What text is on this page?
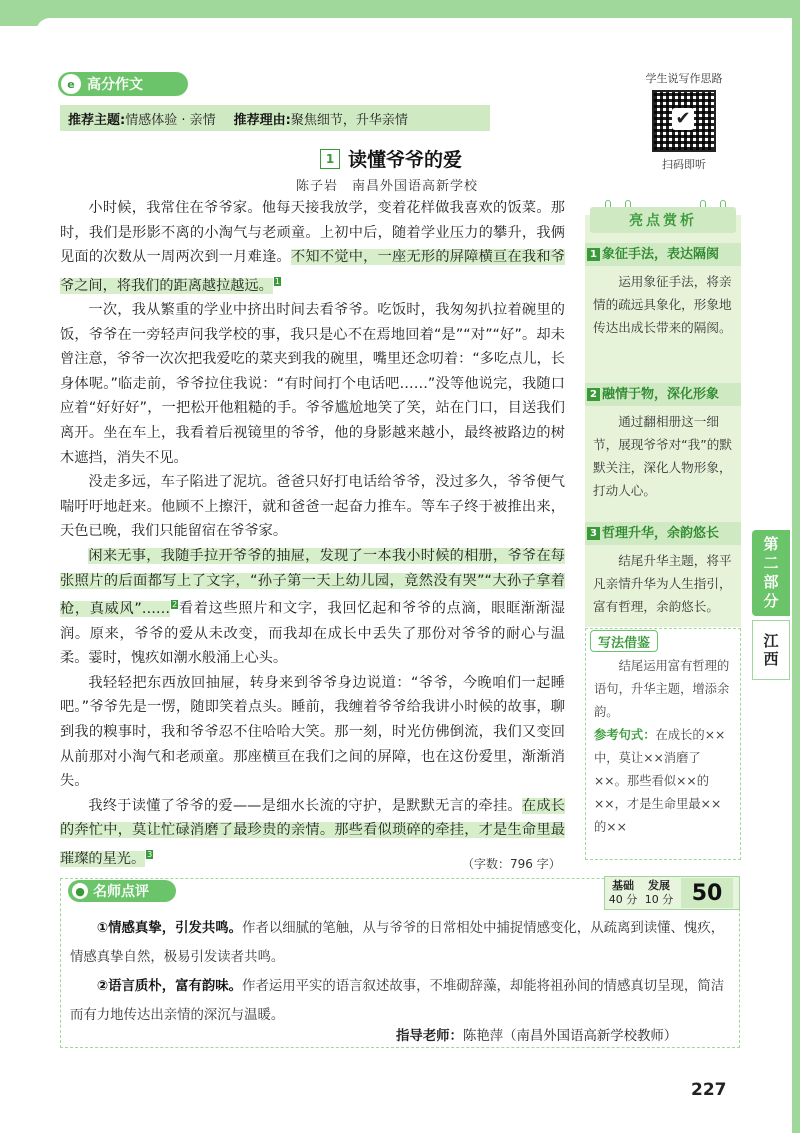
e 高分作文
推荐主题: 情感体验 · 亲情 推荐理由: 聚焦细节，升华亲情
学生说写作思路
✔
扫码即听
1 读懂爷爷的爱
陈子岩　南昌外国语高新学校

小时候，我常住在爷爷家。他每天接我放学，变着花样做我喜欢的饭菜。那时，我们是形影不离的小淘气与老顽童。上初中后，随着学业压力的攀升，我俩见面的次数从一周两次到一月难逢。不知不觉中，一座无形的屏障横亘在我和爷爷之间，将我们的距离越拉越远。 $^1$

一次，我从繁重的学业中挤出时间去看爷爷。吃饭时，我匆匆扒拉着碗里的饭，爷爷在一旁轻声问我学校的事，我只是心不在焉地回着“是”“对”“好”。却未曾注意，爷爷一次次把我爱吃的菜夹到我的碗里，嘴里还念叨着：“多吃点儿，长身体呢。”临走前，爷爷拉住我说：“有时间打个电话吧……”没等他说完，我随口应着“好好好”，一把松开他粗糙的手。爷爷尴尬地笑了笑，站在门口，目送我们离开。坐在车上，我看着后视镜里的爷爷，他的身影越来越小，最终被路边的树木遮挡，消失不见。

没走多远，车子陷进了泥坑。爸爸只好打电话给爷爷，没过多久，爷爷便气喘吁吁地赶来。他顾不上擦汗，就和爸爸一起奋力推车。等车子终于被推出来，天色已晚，我们只能留宿在爷爷家。

闲来无事，我随手拉开爷爷的抽屉，发现了一本我小时候的相册，爷爷在每张照片的后面都写上了文字，“孙子第一天上幼儿园，竟然没有哭”“大孙子拿着枪，真威风”…… $^2$看着这些照片和文字，我回忆起和爷爷的点滴，眼眶渐渐湿润。原来，爷爷的爱从未改变，而我却在成长中丢失了那份对爷爷的耐心与温柔。霎时，愧疚如潮水般涌上心头。

我轻轻把东西放回抽屉，转身来到爷爷身边说道：“爷爷，今晚咱们一起睡吧。”爷爷先是一愣，随即笑着点头。睡前，我缠着爷爷给我讲小时候的故事，聊到我的糗事时，我和爷爷忍不住哈哈大笑。那一刻，时光仿佛倒流，我们又变回从前那对小淘气和老顽童。那座横亘在我们之间的屏障，也在这份爱里，渐渐消失。

我终于读懂了爷爷的爱——是细水长流的守护，是默默无言的牵挂。在成长的奔忙中，莫让忙碌消磨了最珍贵的亲情。那些看似琐碎的牵挂，才是生命里最璀璨的星光。 $^3$

（字数：796 字）
亮点赏析
1 象征手法，表达隔阂
运用象征手法，将亲情的疏远具象化，形象地传达出成长带来的隔阂。
2 融情于物，深化形象
通过翻相册这一细节，展现爷爷对“我”的默默关注，深化人物形象，打动人心。
3 哲理升华，余韵悠长
结尾升华主题，将平凡亲情升华为人生指引，富有哲理，余韵悠长。
写法借鉴
结尾运用富有哲理的语句，升华主题，增添余韵。
参考句式：在成长的××中，莫让××消磨了××。那些看似××的××，才是生命里最××的××
第
二
部
分
江
西
● 名师点评	基础
40 分
发展
10 分 50

①情感真挚，引发共鸣。作者以细腻的笔触，从与爷爷的日常相处中捕捉情感变化，从疏离到读懂、愧疚，情感真挚自然，极易引发读者共鸣。

②语言质朴，富有韵味。作者运用平实的语言叙述故事，不堆砌辞藻，却能将祖孙间的情感真切呈现，简洁而有力地传达出亲情的深沉与温暖。

指导老师：陈艳萍（南昌外国语高新学校教师）
227
